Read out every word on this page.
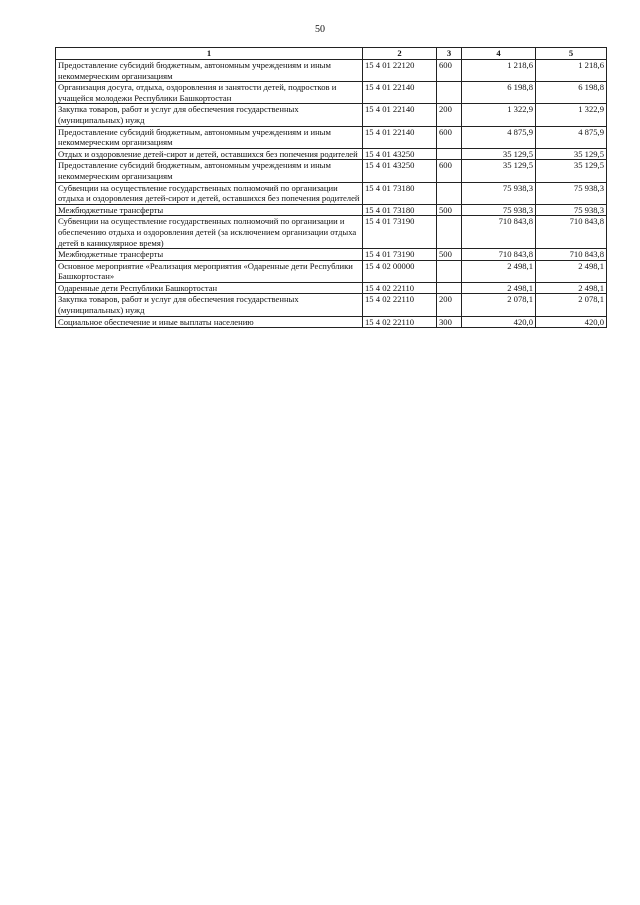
50
1	2	3	4	5
Предоставление субсидий бюджетным, автономным учреждениям и иным некоммерческим организациям	15 4 01 22120	600	1 218,6	1 218,6
Организация досуга, отдыха, оздоровления и занятости детей, подростков и учащейся молодежи Республики Башкортостан	15 4 01 22140		6 198,8	6 198,8
Закупка товаров, работ и услуг для обеспечения государственных (муниципальных) нужд	15 4 01 22140	200	1 322,9	1 322,9
Предоставление субсидий бюджетным, автономным учреждениям и иным некоммерческим организациям	15 4 01 22140	600	4 875,9	4 875,9
Отдых и оздоровление детей-сирот и детей, оставшихся без попечения родителей	15 4 01 43250		35 129,5	35 129,5
Предоставление субсидий бюджетным, автономным учреждениям и иным некоммерческим организациям	15 4 01 43250	600	35 129,5	35 129,5
Субвенции на осуществление государственных полномочий по организации отдыха и оздоровления детей-сирот и детей, оставшихся без попечения родителей	15 4 01 73180		75 938,3	75 938,3
Межбюджетные трансферты	15 4 01 73180	500	75 938,3	75 938,3
Субвенции на осуществление государственных полномочий по организации и обеспечению отдыха и оздоровления детей (за исключением организации отдыха детей в каникулярное время)	15 4 01 73190		710 843,8	710 843,8
Межбюджетные трансферты	15 4 01 73190	500	710 843,8	710 843,8
Основное мероприятие «Реализация мероприятия «Одаренные дети Республики Башкортостан»	15 4 02 00000		2 498,1	2 498,1
Одаренные дети Республики Башкортостан	15 4 02 22110		2 498,1	2 498,1
Закупка товаров, работ и услуг для обеспечения государственных (муниципальных) нужд	15 4 02 22110	200	2 078,1	2 078,1
Социальное обеспечение и иные выплаты населению	15 4 02 22110	300	420,0	420,0
